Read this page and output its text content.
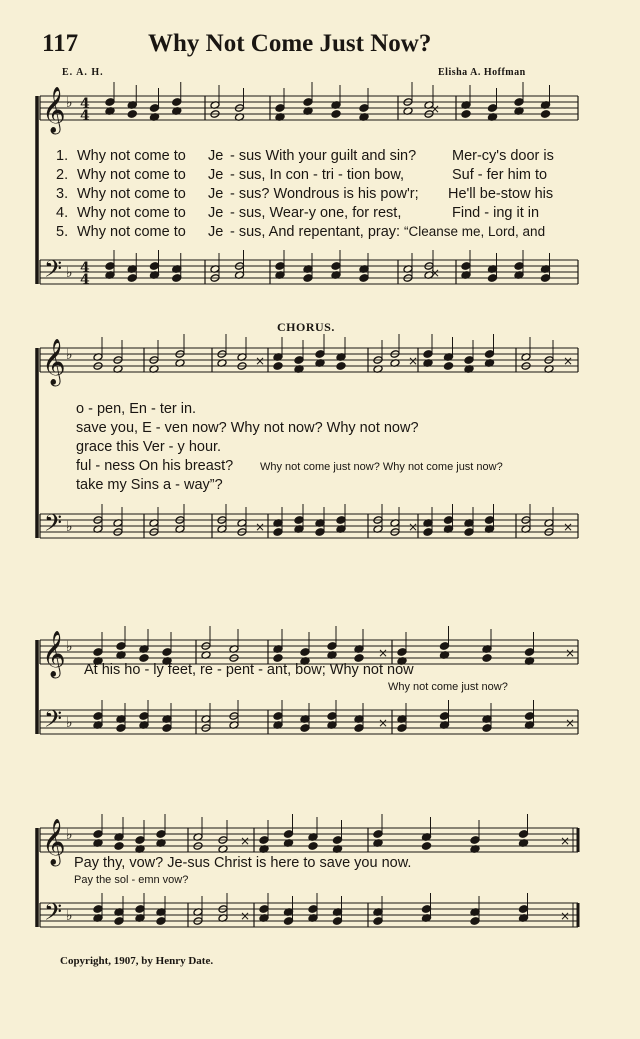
117	Why Not Come Just Now?
E. A. H.	Elisha A. Hoffman
𝄞
𝄢
♭
♭
4
4
4
4
×
×
𝄞
𝄢
♭
♭
×
×
×
×
×
×
𝄞
𝄢
♭
♭
×
×
×
×
𝄞
𝄢
♭
♭
×
×
×
×
1. Why not come to Je - sus With your guilt and sin? Mer-cy's door is
2. Why not come to Je - sus, In con - tri - tion bow,	Suf - fer him to
3. Why not come to Je - sus? Wondrous is his pow'r; He'll be-stow his
4. Why not come to Je - sus, Wear-y one, for rest,	Find - ing it in
5. Why not come to Je - sus, And repentant, pray: “Cleanse me, Lord, and
CHORUS.
o - pen, En - ter in.
save you, E - ven now? Why not now? Why not now?
grace this Ver - y hour.
ful - ness On his breast? Why not come just now? Why not come just now?
take my Sins a - way”?
At his ho - ly feet, re - pent - ant, bow; Why not now
Why not come just now?
Pay thy, vow? Je-sus Christ is here to save you now.
Pay the sol - emn vow?
Copyright, 1907, by Henry Date.
